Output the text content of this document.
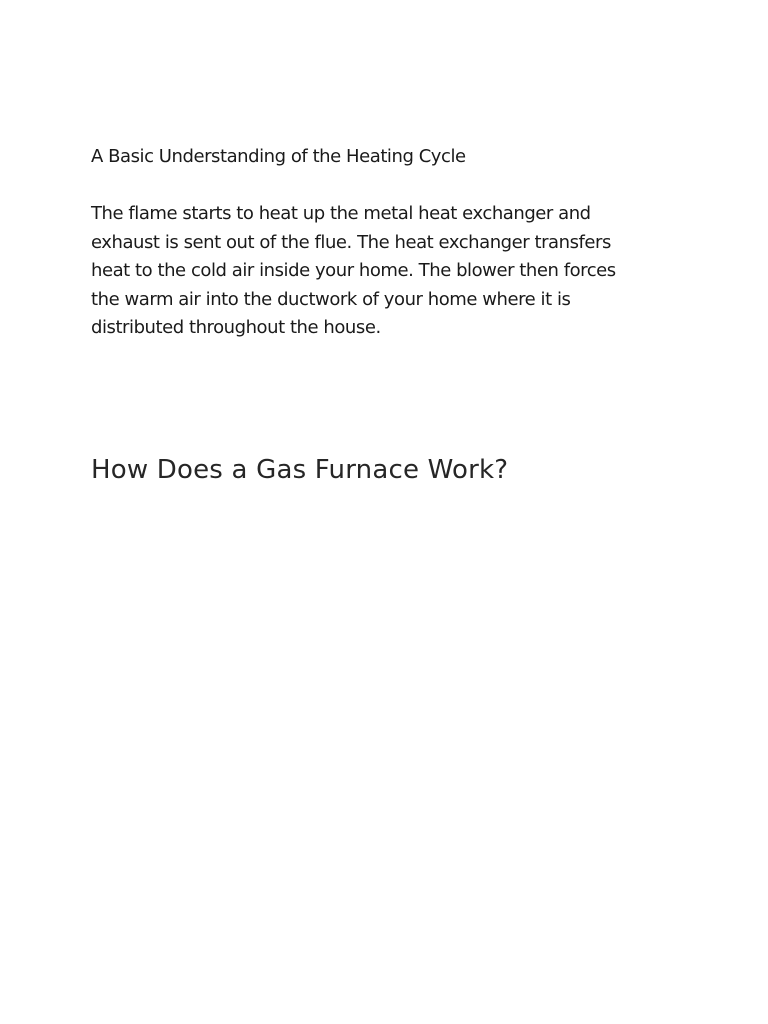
A Basic Understanding of the Heating Cycle

The flame starts to heat up the metal heat exchanger and
exhaust is sent out of the flue. The heat exchanger transfers
heat to the cold air inside your home. The blower then forces
the warm air into the ductwork of your home where it is
distributed throughout the house.

How Does a Gas Furnace Work?
